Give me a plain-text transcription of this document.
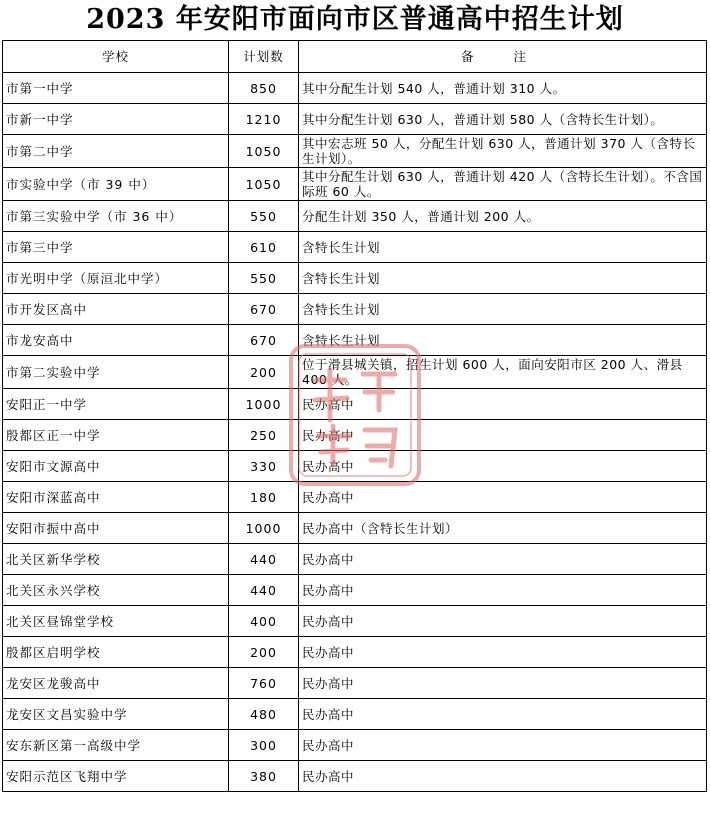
2023 年安阳市面向市区普通高中招生计划
学校	计划数	备 注
市第一中学	850	其中分配生计划 540 人，普通计划 310 人。
市新一中学	1210	其中分配生计划 630 人，普通计划 580 人（含特长生计划）。
市第二中学	1050	其中宏志班 50 人，分配生计划 630 人，普通计划 370 人（含特长生计划）。
市实验中学（市 39 中）	1050	其中分配生计划 630 人，普通计划 420 人（含特长生计划）。不含国际班 60 人。
市第三实验中学（市 36 中）	550	分配生计划 350 人，普通计划 200 人。
市第三中学	610	含特长生计划
市光明中学（原洹北中学）	550	含特长生计划
市开发区高中	670	含特长生计划
市龙安高中	670	含特长生计划
市第二实验中学	200	位于滑县城关镇，招生计划 600 人，面向安阳市区 200 人、滑县 400 人。
安阳正一中学	1000	民办高中
殷都区正一中学	250	民办高中
安阳市文源高中	330	民办高中
安阳市深蓝高中	180	民办高中
安阳市振中高中	1000	民办高中（含特长生计划）
北关区新华学校	440	民办高中
北关区永兴学校	440	民办高中
北关区昼锦堂学校	400	民办高中
殷都区启明学校	200	民办高中
龙安区龙骏高中	760	民办高中
龙安区文昌实验中学	480	民办高中
安东新区第一高级中学	300	民办高中
安阳示范区飞翔中学	380	民办高中
